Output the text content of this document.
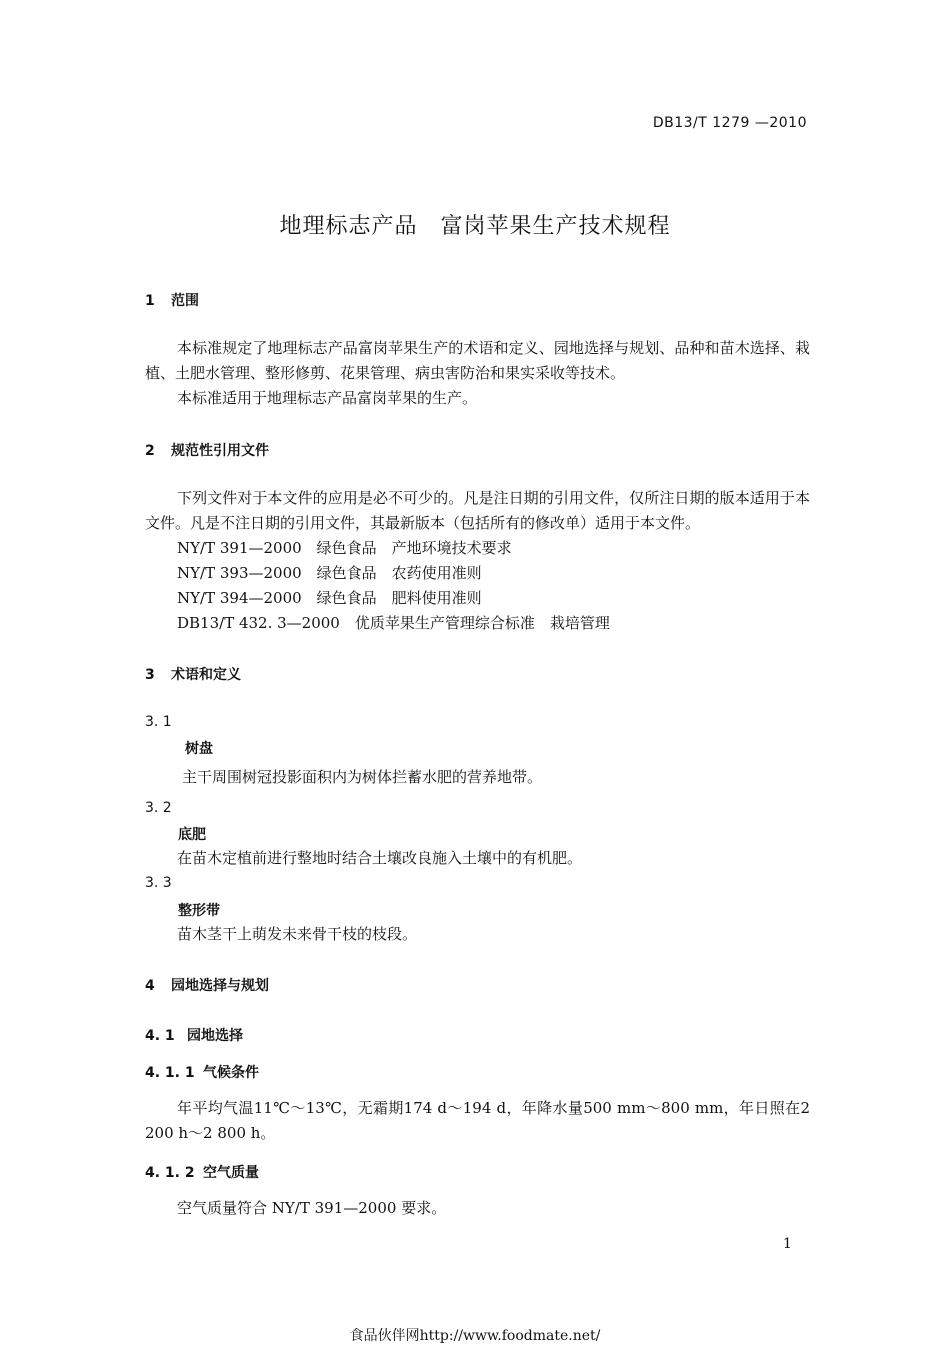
DB13/T 1279 —2010
地理标志产品　富岗苹果生产技术规程
1 范围
本标准规定了地理标志产品富岗苹果生产的术语和定义、园地选择与规划、品种和苗木选择、栽植、土肥水管理、整形修剪、花果管理、病虫害防治和果实采收等技术。
本标准适用于地理标志产品富岗苹果的生产。
2 规范性引用文件
下列文件对于本文件的应用是必不可少的。凡是注日期的引用文件，仅所注日期的版本适用于本文件。凡是不注日期的引用文件，其最新版本（包括所有的修改单）适用于本文件。
NY/T 391—2000　绿色食品　产地环境技术要求
NY/T 393—2000　绿色食品　农药使用准则
NY/T 394—2000　绿色食品　肥料使用准则
DB13/T 432. 3—2000　优质苹果生产管理综合标准　栽培管理
3 术语和定义
3. 1
树盘
主干周围树冠投影面积内为树体拦蓄水肥的营养地带。
3. 2
底肥
在苗木定植前进行整地时结合土壤改良施入土壤中的有机肥。
3. 3
整形带
苗木茎干上萌发未来骨干枝的枝段。
4 园地选择与规划
4. 1 园地选择
4. 1. 1 气候条件
年平均气温11℃～13℃，无霜期174 d～194 d，年降水量500 mm～800 mm，年日照在2 200 h～2 800 h。
4. 1. 2 空气质量
空气质量符合 NY/T 391—2000 要求。
1
食品伙伴网http://www.foodmate.net/
